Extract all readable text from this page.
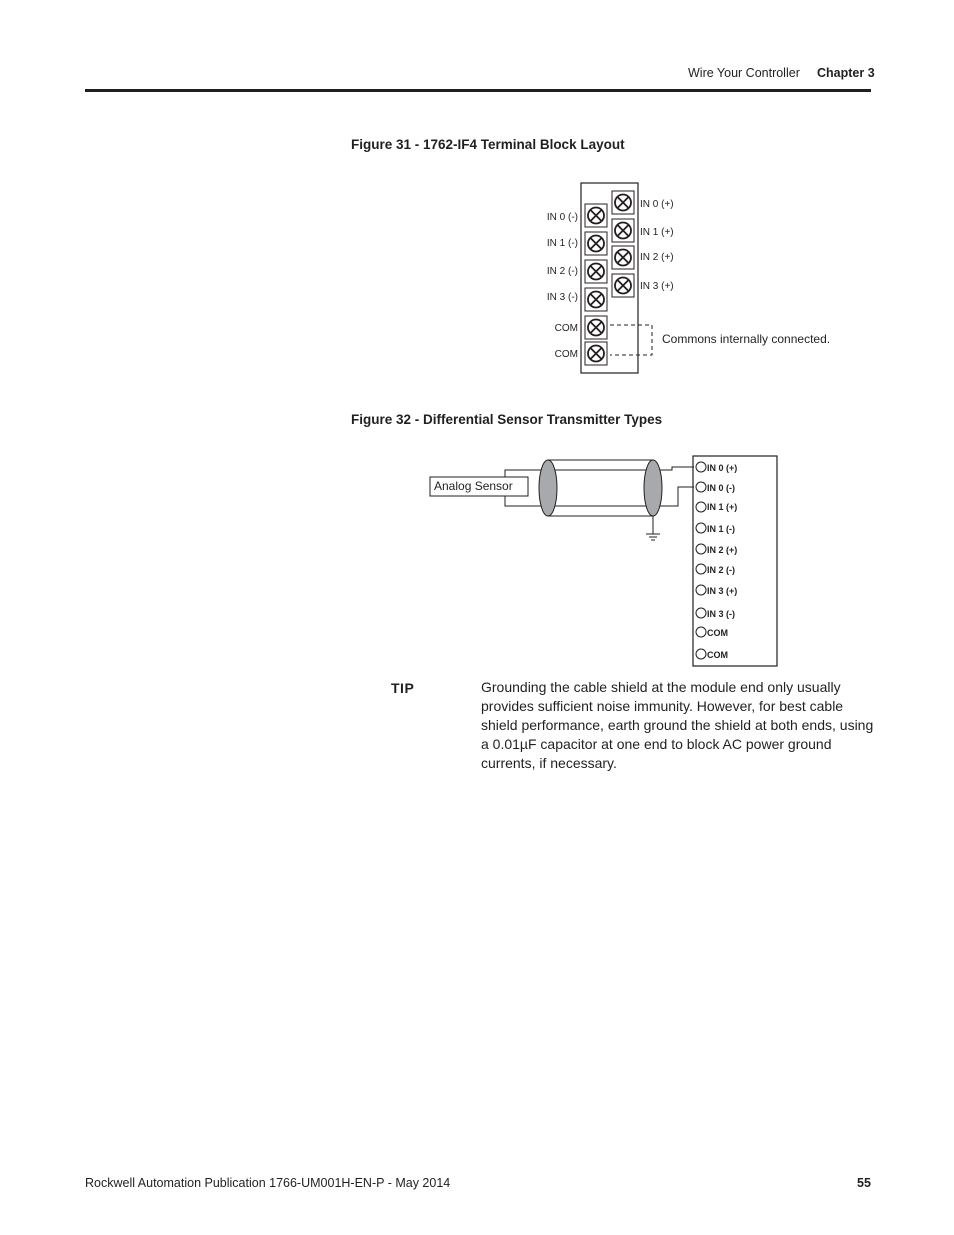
Wire Your Controller Chapter 3
Figure 31 - 1762-IF4 Terminal Block Layout
IN 0 (-)
IN 1 (-)
IN 2 (-)
IN 3 (-)
COM
COM
IN 0 (+)
IN 1 (+)
IN 2 (+)
IN 3 (+)
Commons internally connected.
Figure 32 - Differential Sensor Transmitter Types
Analog Sensor
IN 0 (+)
IN 0 (-)
IN 1 (+)
IN 1 (-)
IN 2 (+)
IN 2 (-)
IN 3 (+)
IN 3 (-)
COM
COM
TIP	Grounding the cable shield at the module end only usually provides sufficient noise immunity. However, for best cable shield performance, earth ground the shield at both ends, using a 0.01µF capacitor at one end to block AC power ground currents, if necessary.
Rockwell Automation Publication 1766-UM001H-EN-P - May 2014	55
